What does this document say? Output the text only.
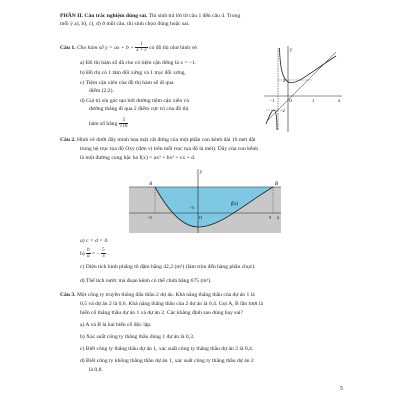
PHẦN II. Câu trắc nghiệm đúng sai. Thí sinh trả lời từ câu 1 đến câu 4. Trong
mỗi ý a), b), c), d) ở mỗi câu, thí sinh chọn đúng hoặc sai.
Câu 1. Cho hàm số y = ax + $b + \frac{1}{x + c}$ có đồ thị như hình vẽ.
a) Đồ thị hàm số đã cho có tiệm cận đứng là x = −1.
b) Đồ thị có 1 tâm đối xứng và 1 trục đối xứng.
c) Tiệm cận xiên của đồ thị hàm số đi qua
điểm (2;2).
d) Giả trị sin góc tạo bởi đường tiệm cận xiên và
đường thẳng đi qua 2 điểm cực trị của đồ thị
hàm số bằng $\frac{3}{√10}$
y
x
O
2
−1
−2
1
Câu 2. Hình vẽ dưới đây minh họa mặt cắt đứng của một phần con kênh dài 16 mét đặt
trong hệ trục tọa độ Oxy (đơn vị trên mỗi trục tọa độ là mét). Dây của con kênh
là một đường cong bậc ba f(x) = ax³ + bx² + cx + d.
y
x
A	B
O
f(x)
−5
−3
5
a) c = d = 0.
$b) \frac{b}{a}$ = − $\frac{5}{3}$ .
c) Diện tích hình phẳng tô đậm bằng 42,2 (m²) (làm tròn đến hàng phần chục).
d) Thể tích nước mà đoạn kênh có thể chứa bằng 675 (m³).
Câu 3. Một công ty truyền thông đấu thầu 2 dự án. Khả năng thắng thầu của dự án 1 là
0,5 và dự án 2 là 0,6. Khả năng thắng thầu của 2 dự án là 0,4. Gọi A, B lần lượt là
biến cố thắng thầu dự án 1 và dự án 2. Các khẳng định sau đúng hay sai?
a) A và B là hai biến cố độc lập.
b) Xác suất công ty thắng thầu đúng 1 dự án là 0,3.
c) Biết công ty thắng thầu dự án 1, xác suất công ty thắng thầu dự án 2 là 0,4.
d) Biết công ty không thắng thầu dự án 1, xác suất công ty thắng thầu dự án 2
là 0,8.
5
